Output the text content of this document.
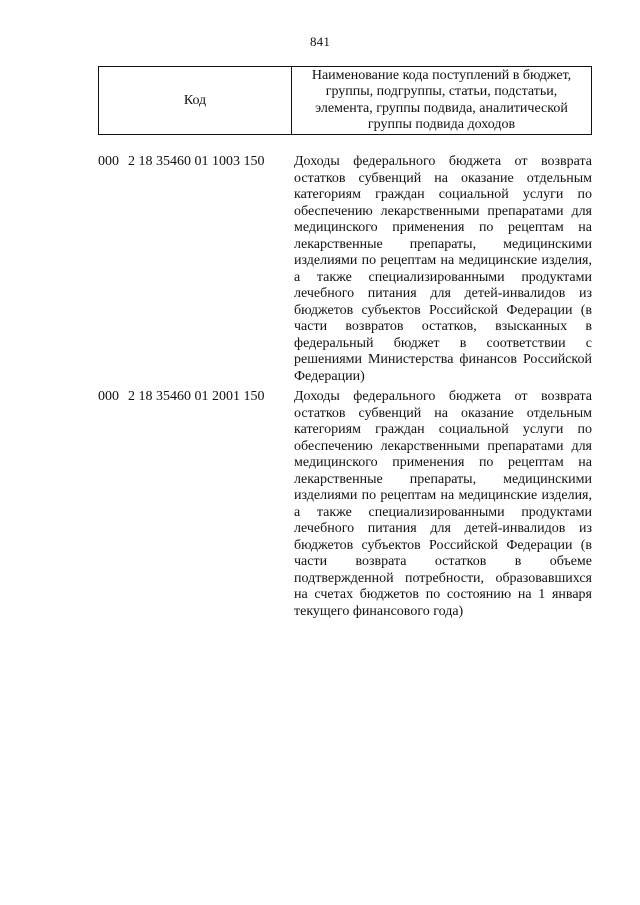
841
Код
Наименование кода поступлений в бюджет, группы, подгруппы, статьи, подстатьи, элемента, группы подвида, аналитической группы подвида доходов
000 2 18 35460 01 1003 150	Доходы федерального бюджета от возврата остатков субвенций на оказание отдельным категориям граждан социальной услуги по обеспечению лекарственными препаратами для медицинского применения по рецептам на лекарственные препараты, медицинскими изделиями по рецептам на медицинские изделия, а также специализированными продуктами лечебного питания для детей-инвалидов из бюджетов субъектов Российской Федерации (в части возвратов остатков, взысканных в федеральный бюджет в соответствии с решениями Министерства финансов Российской Федерации)
000 2 18 35460 01 2001 150	Доходы федерального бюджета от возврата остатков субвенций на оказание отдельным категориям граждан социальной услуги по обеспечению лекарственными препаратами для медицинского применения по рецептам на лекарственные препараты, медицинскими изделиями по рецептам на медицинские изделия, а также специализированными продуктами лечебного питания для детей-инвалидов из бюджетов субъектов Российской Федерации (в части возврата остатков в объеме подтвержденной потребности, образовавшихся на счетах бюджетов по состоянию на 1 января текущего финансового года)
